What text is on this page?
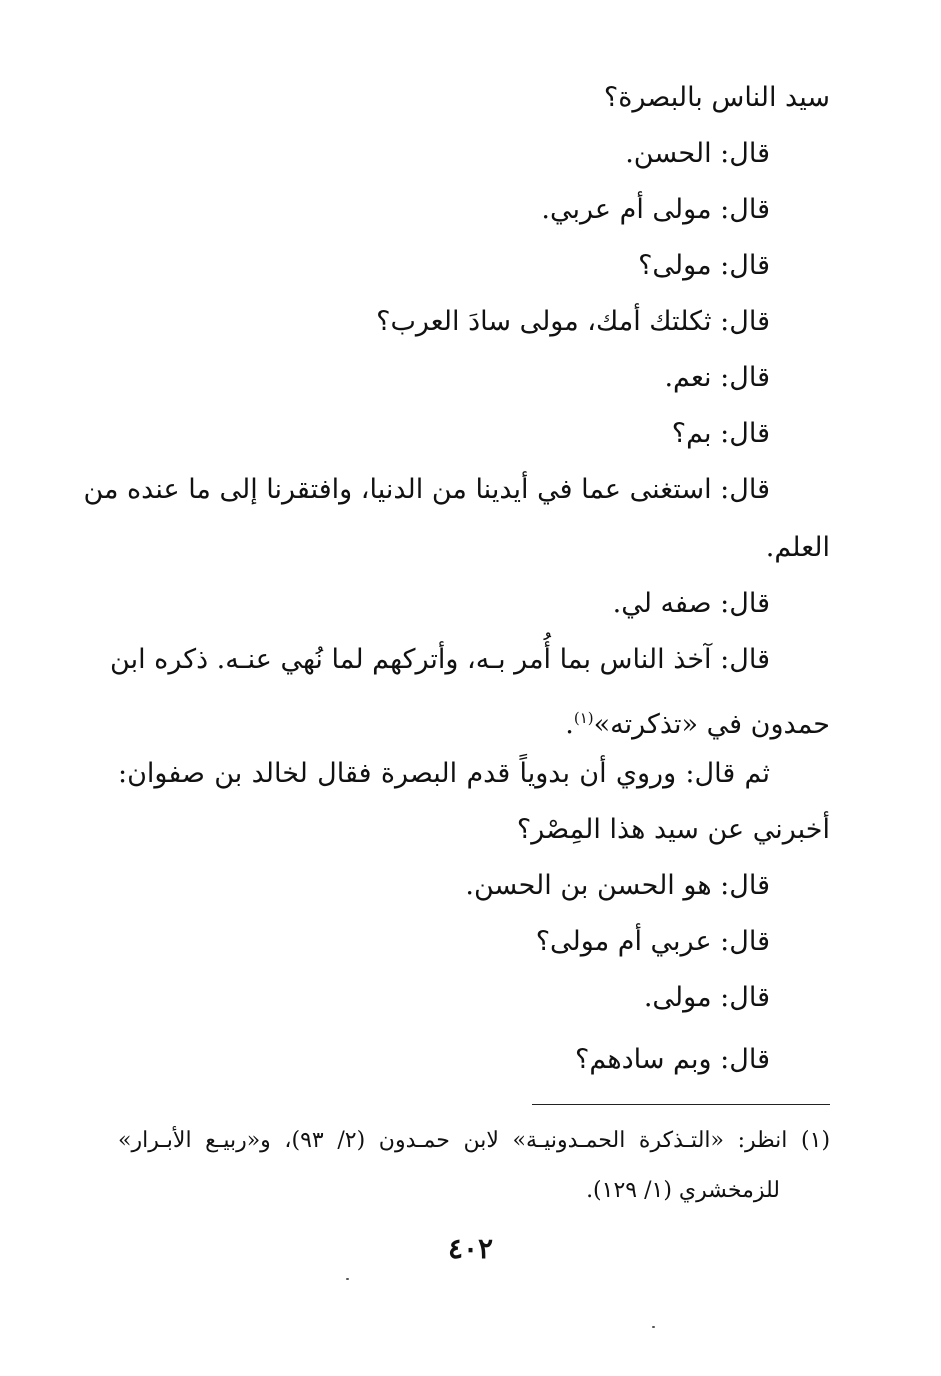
سيد الناس بالبصرة؟
قال: الحسن.
قال: مولى أم عربي.
قال: مولى؟
قال: ثكلتك أمك، مولى سادَ العرب؟
قال: نعم.
قال: بم؟
قال: استغنى عما في أيدينا من الدنيا، وافتقرنا إلى ما عنده من
العلم.
قال: صفه لي.
قال: آخذ الناس بما أُمر بـه، وأتركهم لما نُهي عنـه. ذكره ابن
حمدون في «تذكرته»$^{(١)}$.
ثم قال: وروي أن بدوياً قدم البصرة فقال لخالد بن صفوان:
أخبرني عن سيد هذا المِصْر؟
قال: هو الحسن بن الحسن.
قال: عربي أم مولى؟
قال: مولى.
قال: وبم سادهم؟
(١) انظر: «التـذكرة الحمـدونيـة» لابن حمـدون (٢/ ٩٣)، و«ربيـع الأبـرار»
للزمخشري (١/ ١٢٩).
٤٠٢
